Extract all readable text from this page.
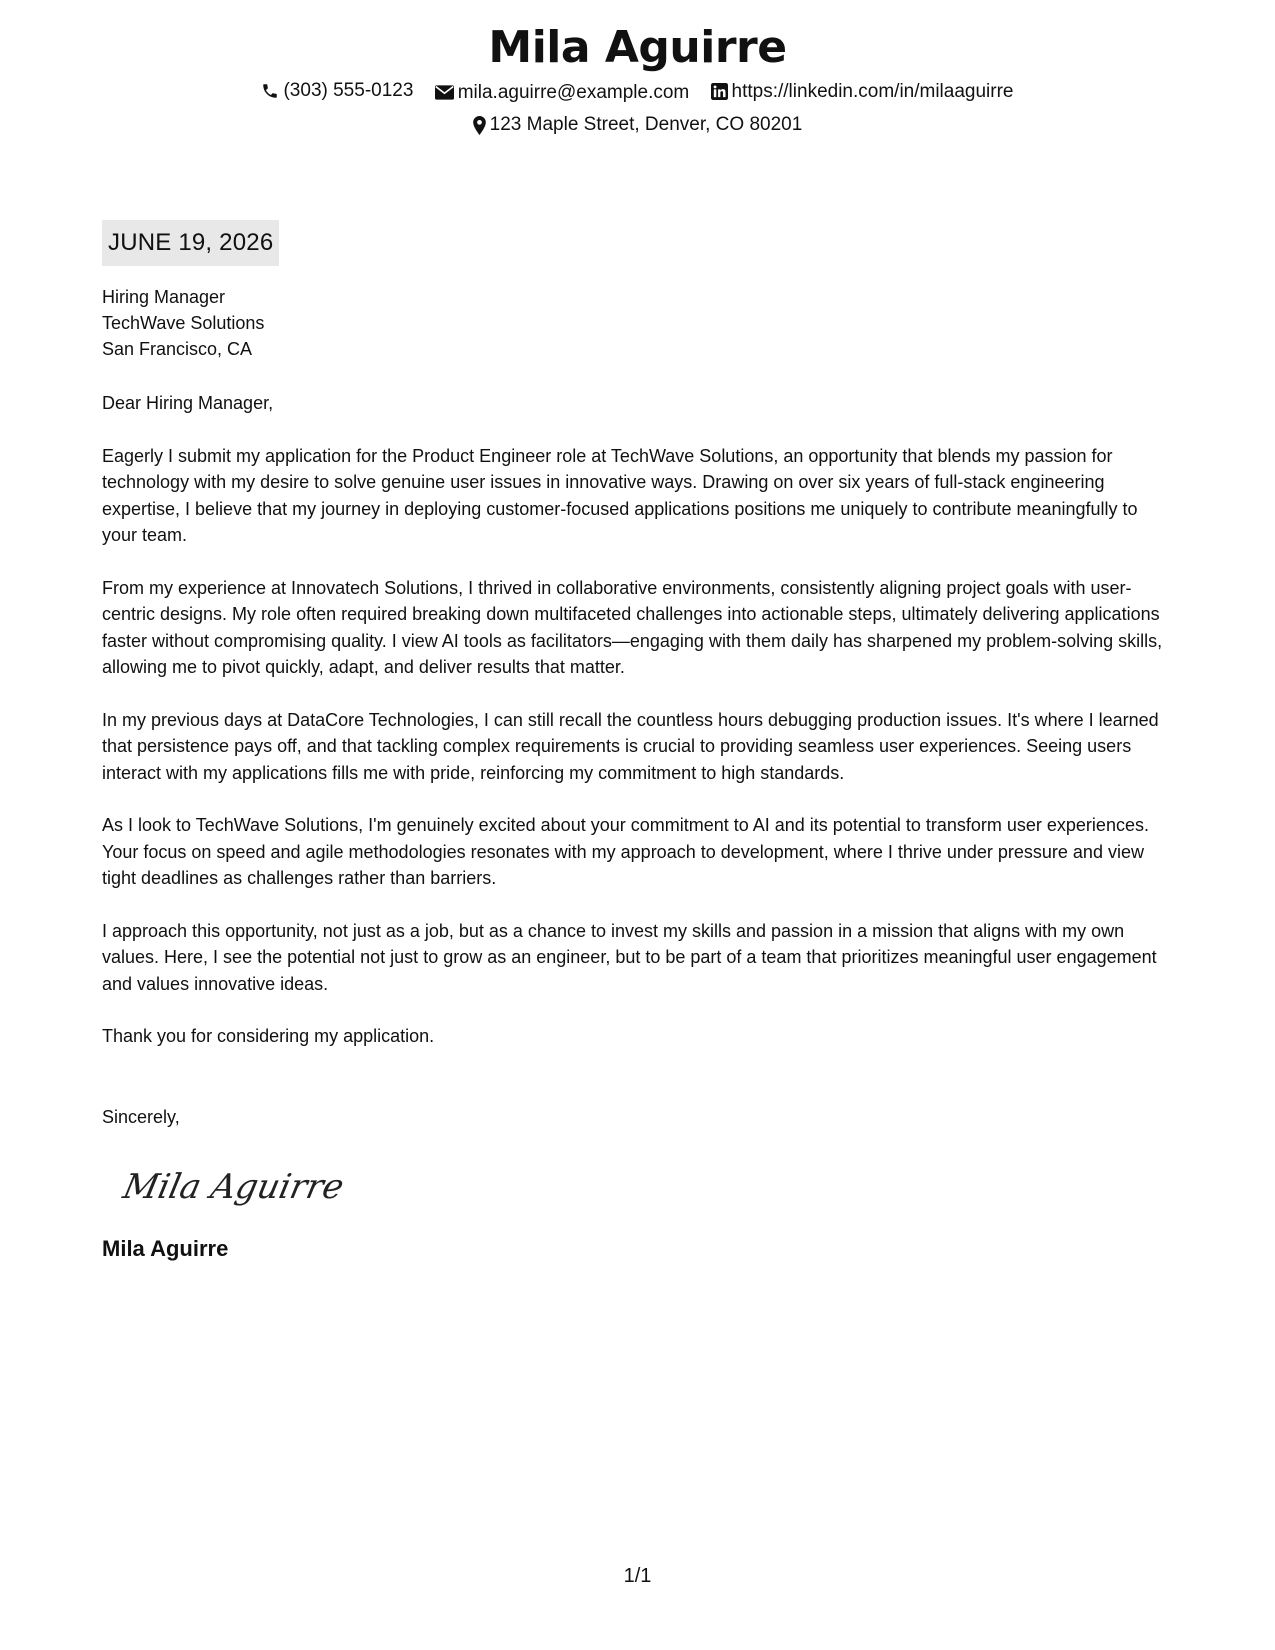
Mila Aguirre
(303) 555-0123
mila.aguirre@example.com
https://linkedin.com/in/milaaguirre
123 Maple Street, Denver, CO 80201
JUNE 19, 2026
Hiring Manager
TechWave Solutions
San Francisco, CA
Dear Hiring Manager,
Eagerly I submit my application for the Product Engineer role at TechWave Solutions, an opportunity that blends my passion for technology with my desire to solve genuine user issues in innovative ways. Drawing on over six years of full-stack engineering expertise, I believe that my journey in deploying customer-focused applications positions me uniquely to contribute meaningfully to your team.
From my experience at Innovatech Solutions, I thrived in collaborative environments, consistently aligning project goals with user-centric designs. My role often required breaking down multifaceted challenges into actionable steps, ultimately delivering applications faster without compromising quality. I view AI tools as facilitators—engaging with them daily has sharpened my problem-solving skills, allowing me to pivot quickly, adapt, and deliver results that matter.
In my previous days at DataCore Technologies, I can still recall the countless hours debugging production issues. It's where I learned that persistence pays off, and that tackling complex requirements is crucial to providing seamless user experiences. Seeing users interact with my applications fills me with pride, reinforcing my commitment to high standards.
As I look to TechWave Solutions, I'm genuinely excited about your commitment to AI and its potential to transform user experiences. Your focus on speed and agile methodologies resonates with my approach to development, where I thrive under pressure and view tight deadlines as challenges rather than barriers.
I approach this opportunity, not just as a job, but as a chance to invest my skills and passion in a mission that aligns with my own values. Here, I see the potential not just to grow as an engineer, but to be part of a team that prioritizes meaningful user engagement and values innovative ideas.
Thank you for considering my application.
Sincerely,
Mila Aguirre
Mila Aguirre
1/1
